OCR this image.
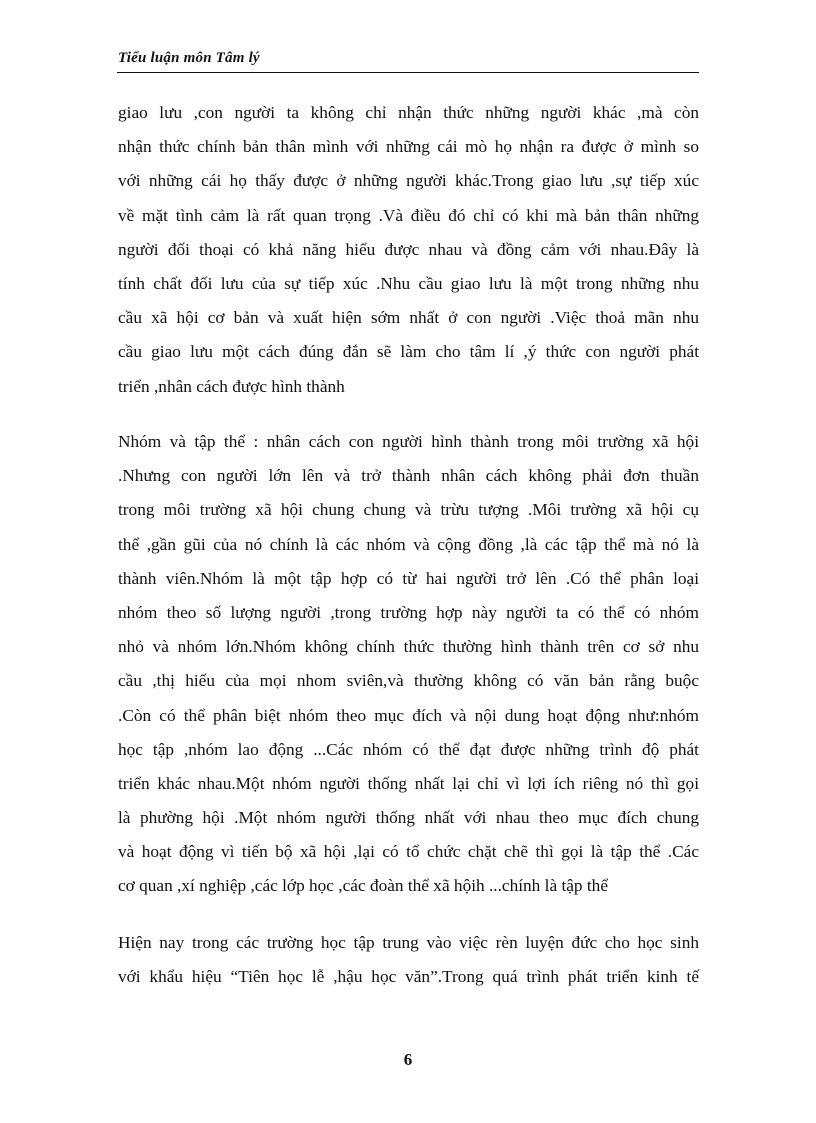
Tiểu luận môn Tâm lý
giao lưu ,con người ta không chỉ nhận thức những người khác ,mà còn
nhận thức chính bản thân mình với những cái mò họ nhận ra được ở mình so
với những cái họ thấy được ở những người khác.Trong giao lưu ,sự tiếp xúc
về mặt tình cảm là rất quan trọng .Và điều đó chỉ có khi mà bản thân những
người đối thoại có khả năng hiểu được nhau và đồng cảm với nhau.Đây là
tính chất đối lưu của sự tiếp xúc .Nhu cầu giao lưu là một trong những nhu
cầu xã hội cơ bản và xuất hiện sớm nhất ở con người .Việc thoả mãn nhu
cầu giao lưu một cách đúng đắn sẽ làm cho tâm lí ,ý thức con người phát
triển ,nhân cách được hình thành
Nhóm và tập thể : nhân cách con người hình thành trong môi trường xã hội
.Nhưng con người lớn lên và trở thành nhân cách không phải đơn thuần
trong môi trường xã hội chung chung và trừu tượng .Môi trường xã hội cụ
thể ,gần gũi của nó chính là các nhóm và cộng đồng ,là các tập thể mà nó là
thành viên.Nhóm là một tập hợp có từ hai người trở lên .Có thể phân loại
nhóm theo số lượng người ,trong trường hợp này người ta có thể có nhóm
nhỏ và nhóm lớn.Nhóm không chính thức thường hình thành trên cơ sở nhu
cầu ,thị hiếu của mọi nhom sviên,và thường không có văn bản rằng buộc
.Còn có thể phân biệt nhóm theo mục đích và nội dung hoạt động như:nhóm
học tập ,nhóm lao động ...Các nhóm có thể đạt được những trình độ phát
triển khác nhau.Một nhóm người thống nhất lại chỉ vì lợi ích riêng nó thì gọi
là phường hội .Một nhóm người thống nhất với nhau theo mục đích chung
và hoạt động vì tiến bộ xã hội ,lại có tổ chức chặt chẽ thì gọi là tập thể .Các
cơ quan ,xí nghiệp ,các lớp học ,các đoàn thể xã hộih ...chính là tập thể
Hiện nay trong các trường học tập trung vào việc rèn luyện đức cho học sinh
với khẩu hiệu “Tiên học lễ ,hậu học văn”.Trong quá trình phát triển kinh tế
6
